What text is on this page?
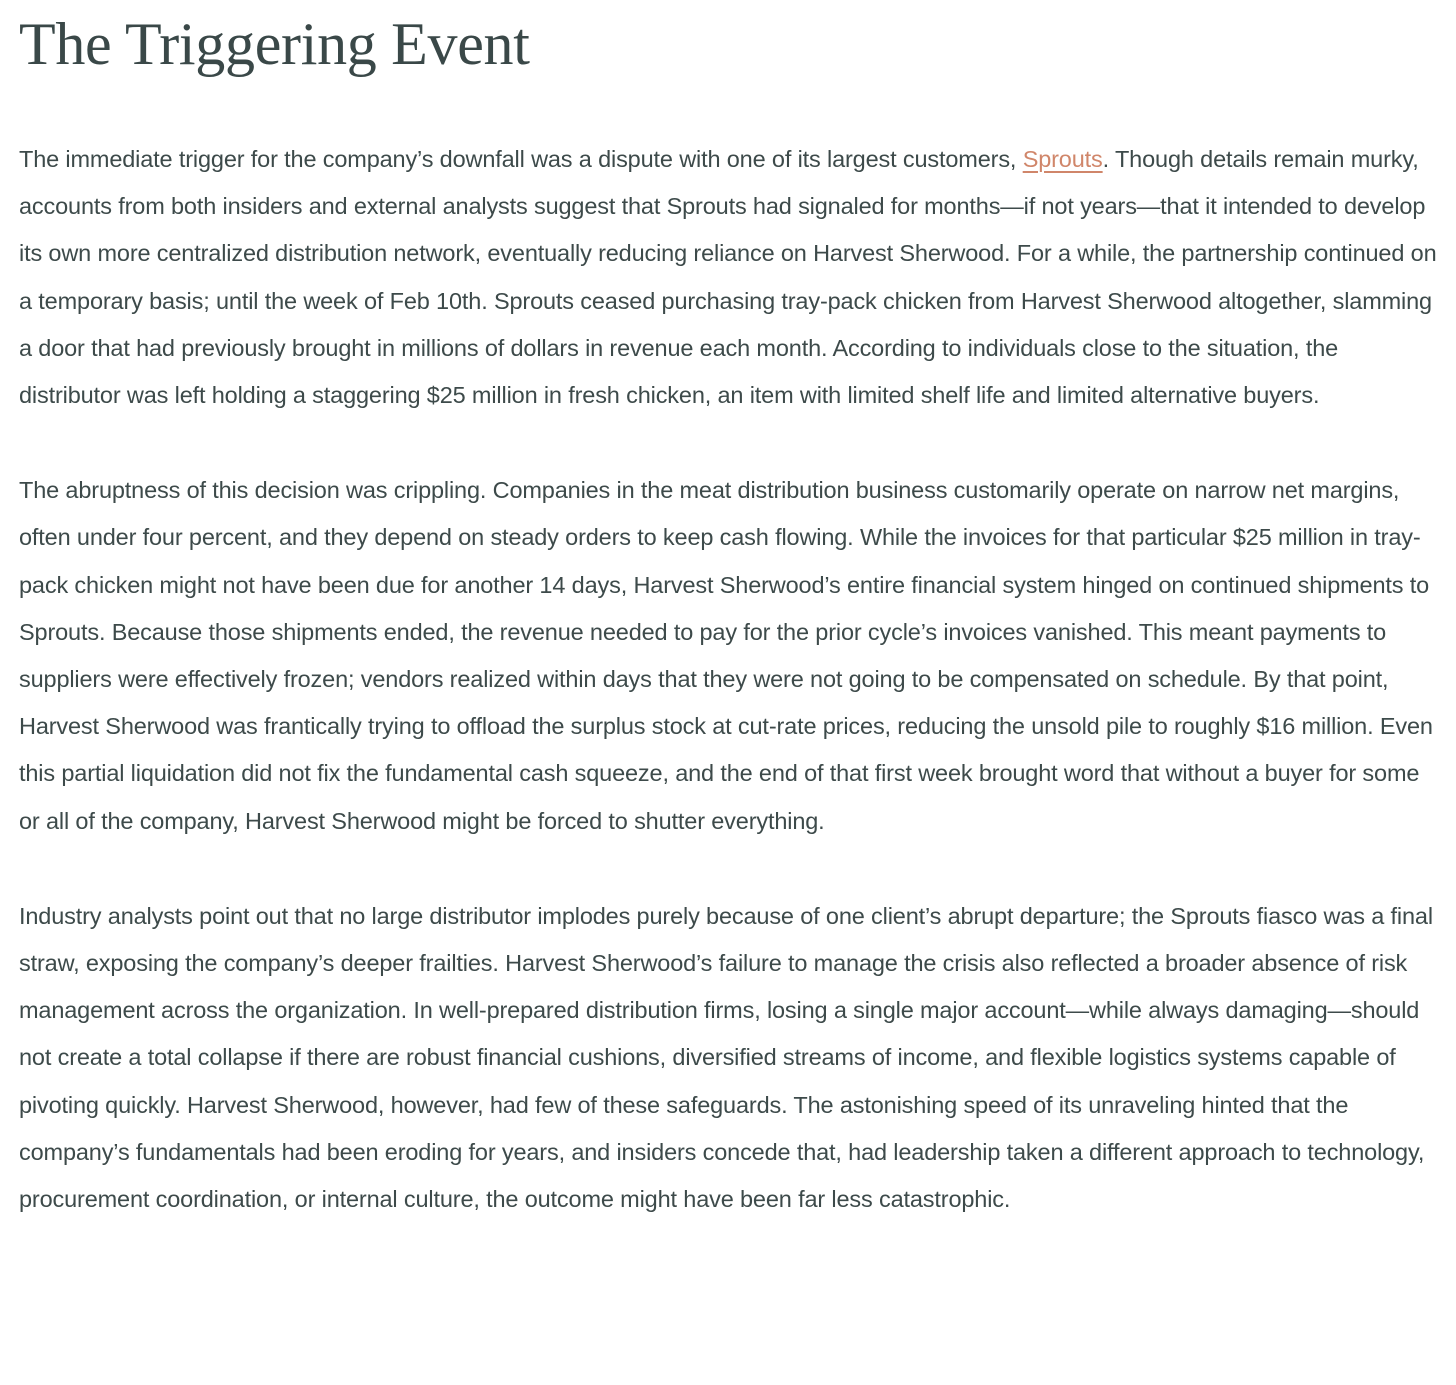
The Triggering Event

The immediate trigger for the company’s downfall was a dispute with one of its largest customers, Sprouts. Though details remain murky, accounts from both insiders and external analysts suggest that Sprouts had signaled for months—if not years—that it intended to develop its own more centralized distribution network, eventually reducing reliance on Harvest Sherwood. For a while, the partnership continued on a temporary basis; until the week of Feb 10th. Sprouts ceased purchasing tray-pack chicken from Harvest Sherwood altogether, slamming a door that had previously brought in millions of dollars in revenue each month. According to individuals close to the situation, the distributor was left holding a staggering $25 million in fresh chicken, an item with limited shelf life and limited alternative buyers.

The abruptness of this decision was crippling. Companies in the meat distribution business customarily operate on narrow net margins, often under four percent, and they depend on steady orders to keep cash flowing. While the invoices for that particular $25 million in tray-pack chicken might not have been due for another 14 days, Harvest Sherwood’s entire financial system hinged on continued shipments to Sprouts. Because those shipments ended, the revenue needed to pay for the prior cycle’s invoices vanished. This meant payments to suppliers were effectively frozen; vendors realized within days that they were not going to be compensated on schedule. By that point, Harvest Sherwood was frantically trying to offload the surplus stock at cut-rate prices, reducing the unsold pile to roughly $16 million. Even this partial liquidation did not fix the fundamental cash squeeze, and the end of that first week brought word that without a buyer for some or all of the company, Harvest Sherwood might be forced to shutter everything.

Industry analysts point out that no large distributor implodes purely because of one client’s abrupt departure; the Sprouts fiasco was a final straw, exposing the company’s deeper frailties. Harvest Sherwood’s failure to manage the crisis also reflected a broader absence of risk management across the organization. In well-prepared distribution firms, losing a single major account—while always damaging—should not create a total collapse if there are robust financial cushions, diversified streams of income, and flexible logistics systems capable of pivoting quickly. Harvest Sherwood, however, had few of these safeguards. The astonishing speed of its unraveling hinted that the company’s fundamentals had been eroding for years, and insiders concede that, had leadership taken a different approach to technology, procurement coordination, or internal culture, the outcome might have been far less catastrophic.
